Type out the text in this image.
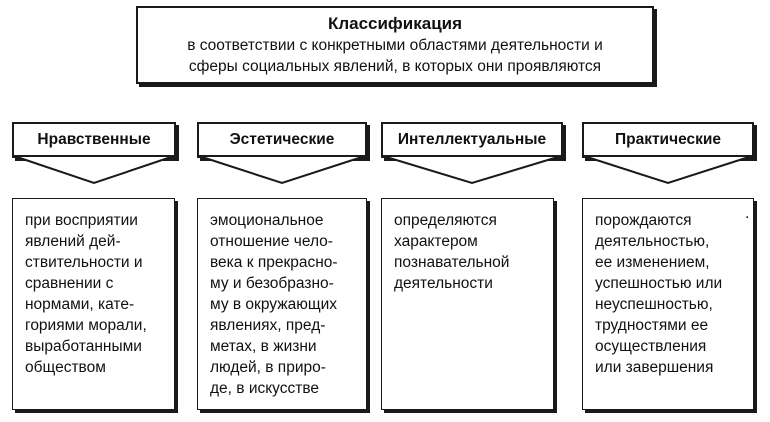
Классификация
в соответствии с конкретными областями деятельности и
сферы социальных явлений, в которых они проявляются
Нравственные
при восприятии
явлений дей-
ствительности и
сравнении с
нормами, кате-
гориями морали,
выработанными
обществом
Эстетические
эмоциональное
отношение чело-
века к прекрасно-
му и безобразно-
му в окружающих
явлениях, пред-
метах, в жизни
людей, в приро-
де, в искусстве
Интеллектуальные
определяются
характером
познавательной
деятельности
Практические
порождаются
деятельностью,
ее изменением,
успешностью или
неуспешностью,
трудностями ее
осуществления
или завершения
.
